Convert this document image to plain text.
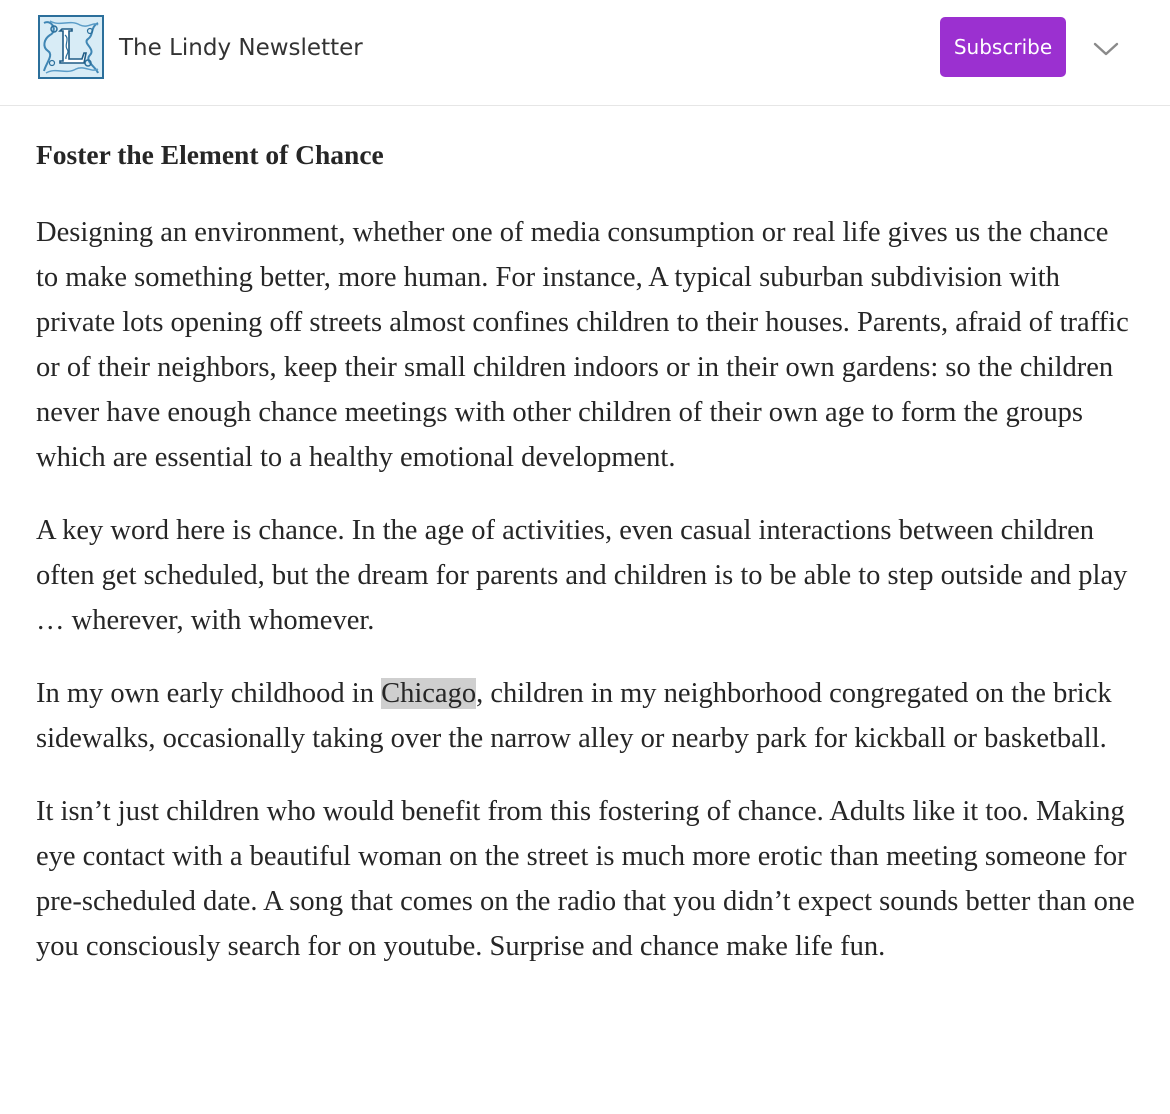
The Lindy Newsletter	Subscribe
Foster the Element of Chance

Designing an environment, whether one of media consumption or real life gives us the chance to make something better, more human. For instance, A typical suburban subdivision with private lots opening off streets almost confines children to their houses. Parents, afraid of traffic or of their neighbors, keep their small children indoors or in their own gardens: so the children never have enough chance meetings with other children of their own age to form the groups which are essential to a healthy emotional development.

A key word here is chance. In the age of activities, even casual interactions between children often get scheduled, but the dream for parents and children is to be able to step outside and play … wherever, with whomever.

In my own early childhood in Chicago, children in my neighborhood congregated on the brick sidewalks, occasionally taking over the narrow alley or nearby park for kickball or basketball.

It isn’t just children who would benefit from this fostering of chance. Adults like it too. Making eye contact with a beautiful woman on the street is much more erotic than meeting someone for pre-scheduled date. A song that comes on the radio that you didn’t expect sounds better than one you consciously search for on youtube. Surprise and chance make life fun.
